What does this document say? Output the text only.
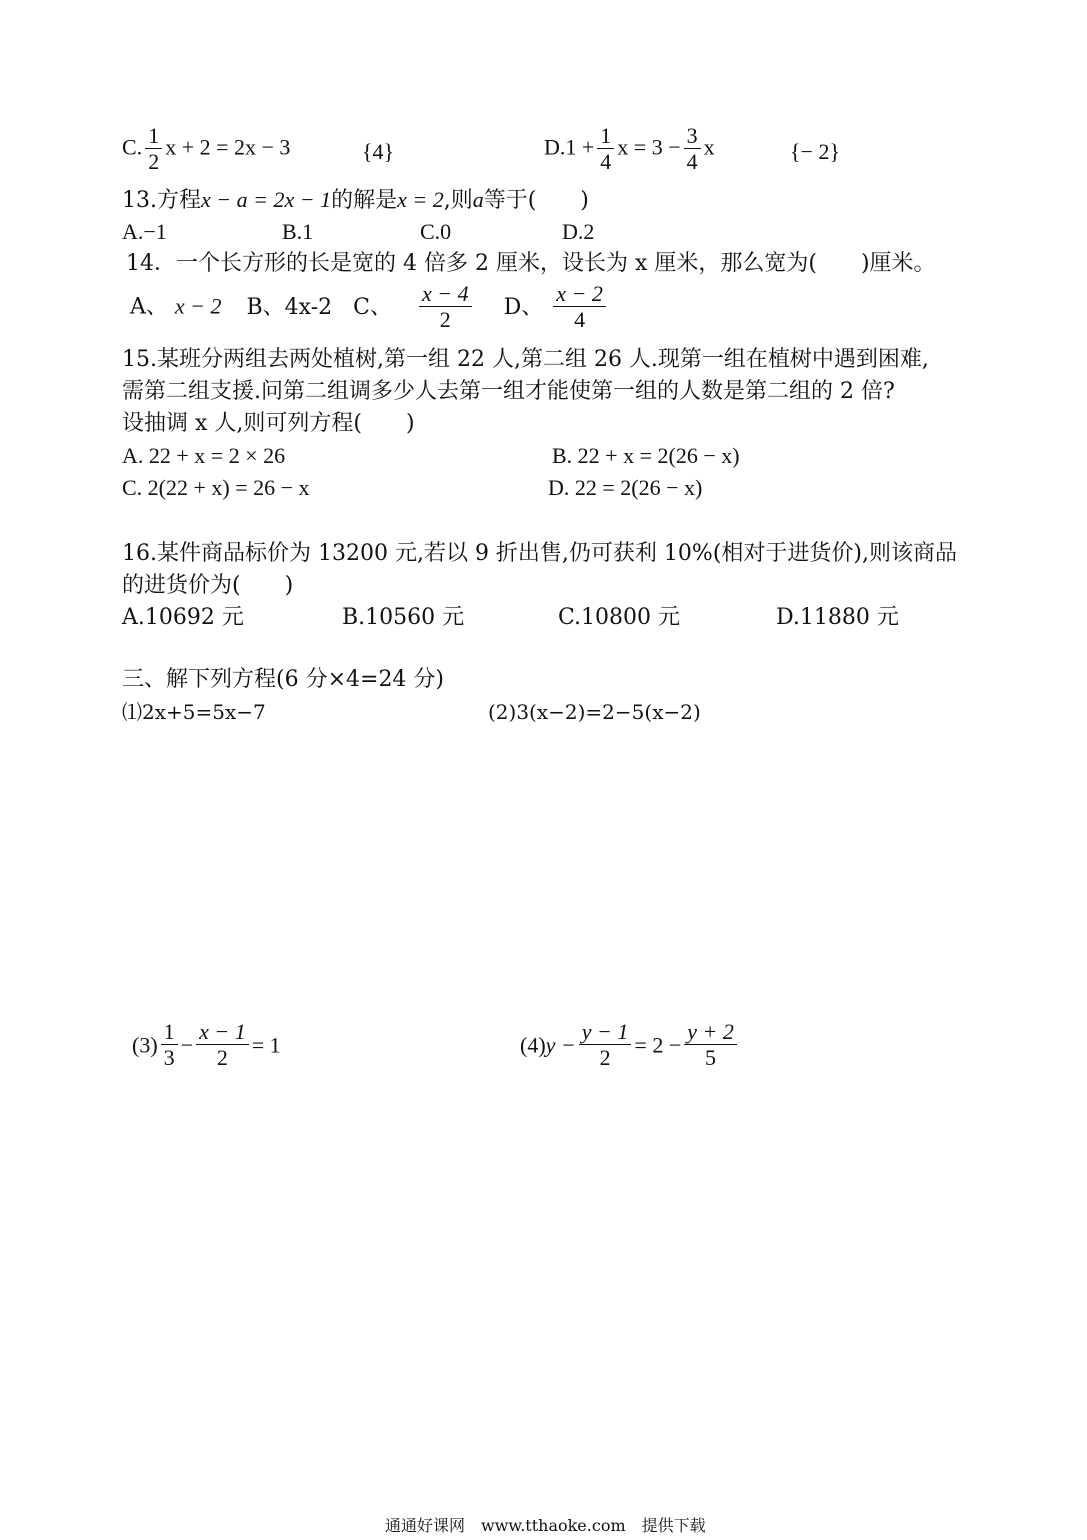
C. $\frac{1}{2}$ x + 2 = 2x − 3	{4}	$D.1 + \frac{1}{4}$ $x = 3 - \frac{3}{4}$ x	{− 2}
13.方程x − a = 2x − 1的解是x = 2,则a等于(　　)
A.−1	B.1	C.0	D.2
14．一个长方形的长是宽的 4 倍多 2 厘米，设长为 x 厘米，那么宽为(　　)厘米。
A、 x − 2 B、4x-2 C、 $\frac{x - 4}{2}$ D、 $\frac{x - 2}{4}$
15.某班分两组去两处植树,第一组 22 人,第二组 26 人.现第一组在植树中遇到困难,
需第二组支援.问第二组调多少人去第一组才能使第一组的人数是第二组的 2 倍?
设抽调 x 人,则可列方程(　　)
A. 22 + x = 2 × 26	B. 22 + x = 2(26 − x)
C. 2(22 + x) = 26 − x	D. 22 = 2(26 − x)
16.某件商品标价为 13200 元,若以 9 折出售,仍可获利 10%(相对于进货价),则该商品
的进货价为(　　)
A.10692 元	B.10560 元	C.10800 元	D.11880 元
三、解下列方程(6 分×4=24 分)
⑴2x+5=5x−7	(2)3(x−2)=2−5(x−2)
$(3) \frac{1}{3} - \frac{x - 1}{2} = 1$	$(4)y - \frac{y - 1}{2} = 2 - \frac{y + 2}{5}$
通通好课网　www.tthaoke.com　提供下载
